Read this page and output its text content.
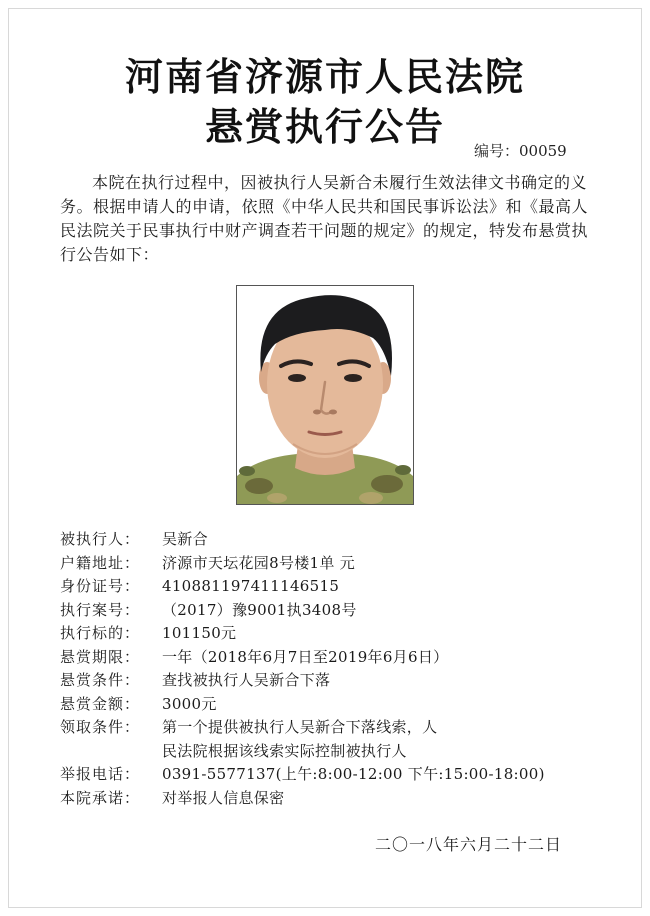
河南省济源市人民法院
悬赏执行公告
编号：00059
本院在执行过程中，因被执行人吴新合未履行生效法律文书确定的义务。根据申请人的申请，依照《中华人民共和国民事诉讼法》和《最高人民法院关于民事执行中财产调查若干问题的规定》的规定，特发布悬赏执行公告如下：
被执行人：	吴新合
户籍地址：	济源市天坛花园8号楼1单 元
身份证号：	410881197411146515
执行案号：	（2017）豫9001执3408号
执行标的：	101150元
悬赏期限：	一年（2018年6月7日至2019年6月6日）
悬赏条件：	查找被执行人吴新合下落
悬赏金额：	3000元
领取条件：	第一个提供被执行人吴新合下落线索，人
民法院根据该线索实际控制被执行人
举报电话：	0391-5577137(上午:8:00-12:00 下午:15:00-18:00)
本院承诺：	对举报人信息保密
二〇一八年六月二十二日
